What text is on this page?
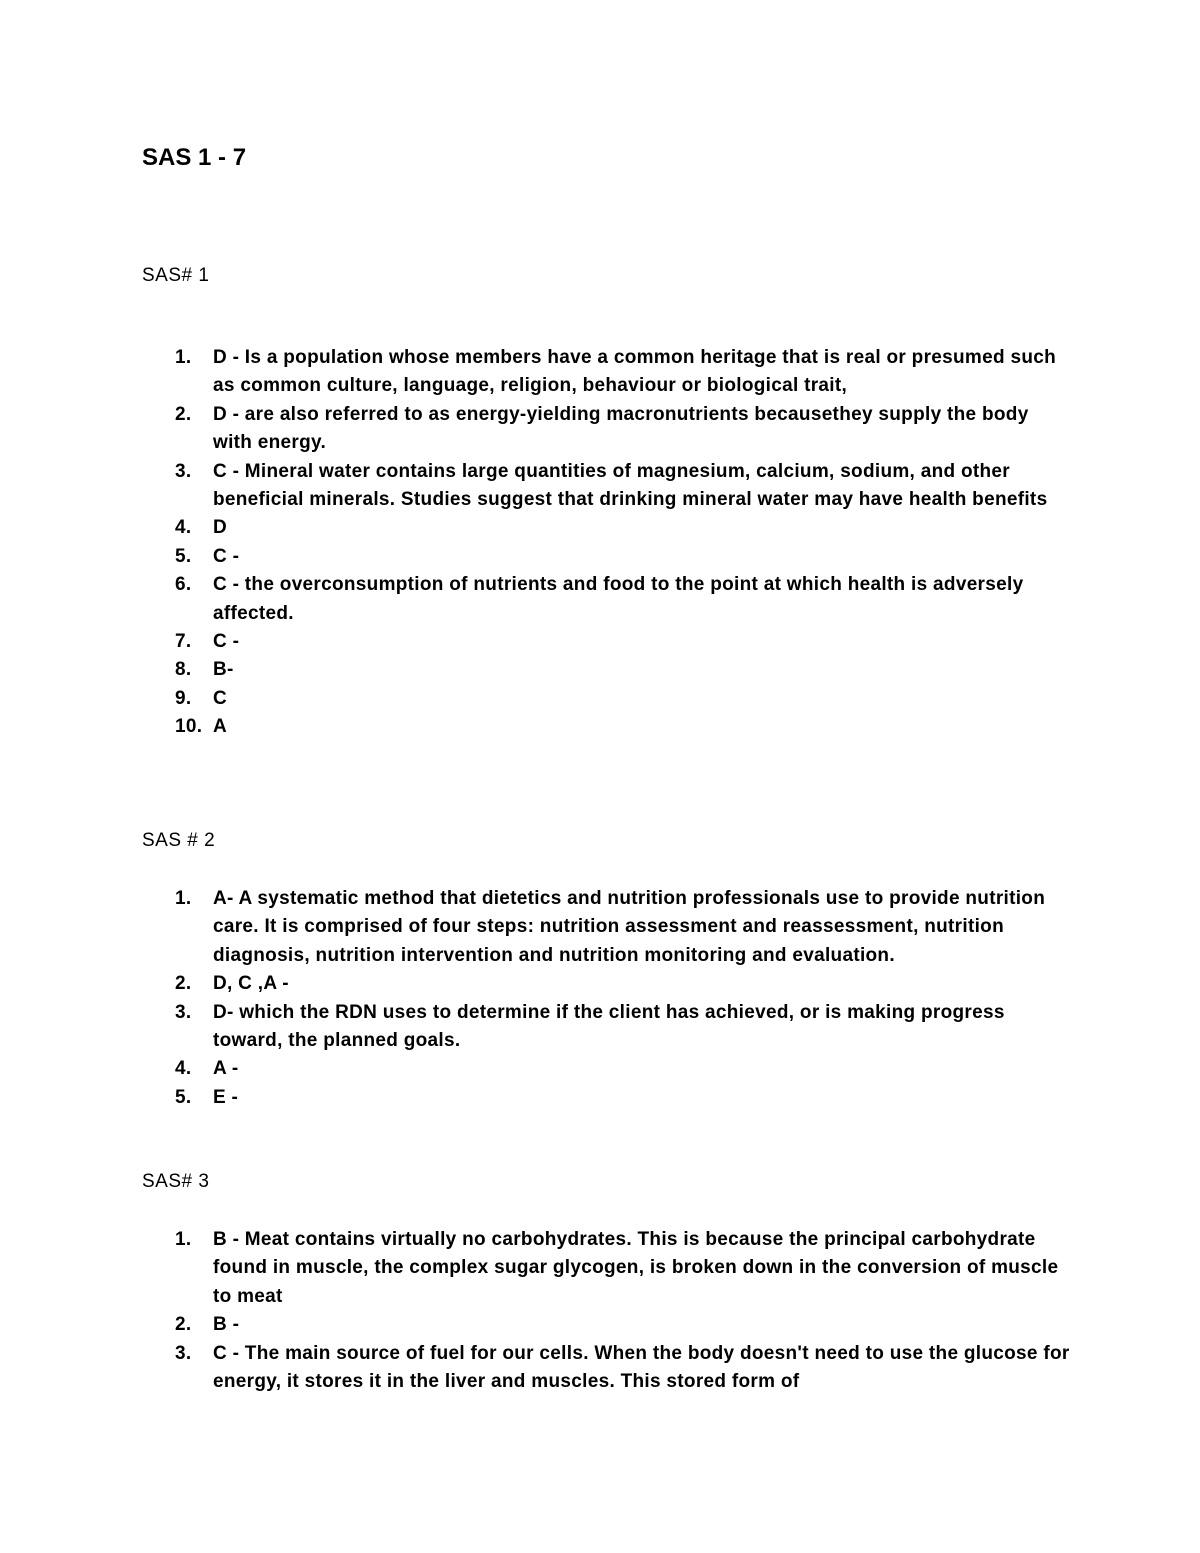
SAS 1 - 7
SAS# 1
1. D - Is a population whose members have a common heritage that is real or presumed such as common culture, language, religion, behaviour or biological trait,
2. D - are also referred to as energy-yielding macronutrients becausethey supply the body with energy.
3. C - Mineral water contains large quantities of magnesium, calcium, sodium, and other beneficial minerals. Studies suggest that drinking mineral water may have health benefits
4. D
5. C -
6. C - the overconsumption of nutrients and food to the point at which health is adversely affected.
7. C -
8. B-
9. C
10. A
SAS # 2
1. A- A systematic method that dietetics and nutrition professionals use to provide nutrition care. It is comprised of four steps: nutrition assessment and reassessment, nutrition diagnosis, nutrition intervention and nutrition monitoring and evaluation.
2. D, C ,A -
3. D- which the RDN uses to determine if the client has achieved, or is making progress toward, the planned goals.
4. A -
5. E -
SAS# 3
1. B - Meat contains virtually no carbohydrates. This is because the principal carbohydrate found in muscle, the complex sugar glycogen, is broken down in the conversion of muscle to meat
2. B -
3. C - The main source of fuel for our cells. When the body doesn't need to use the glucose for energy, it stores it in the liver and muscles. This stored form of
